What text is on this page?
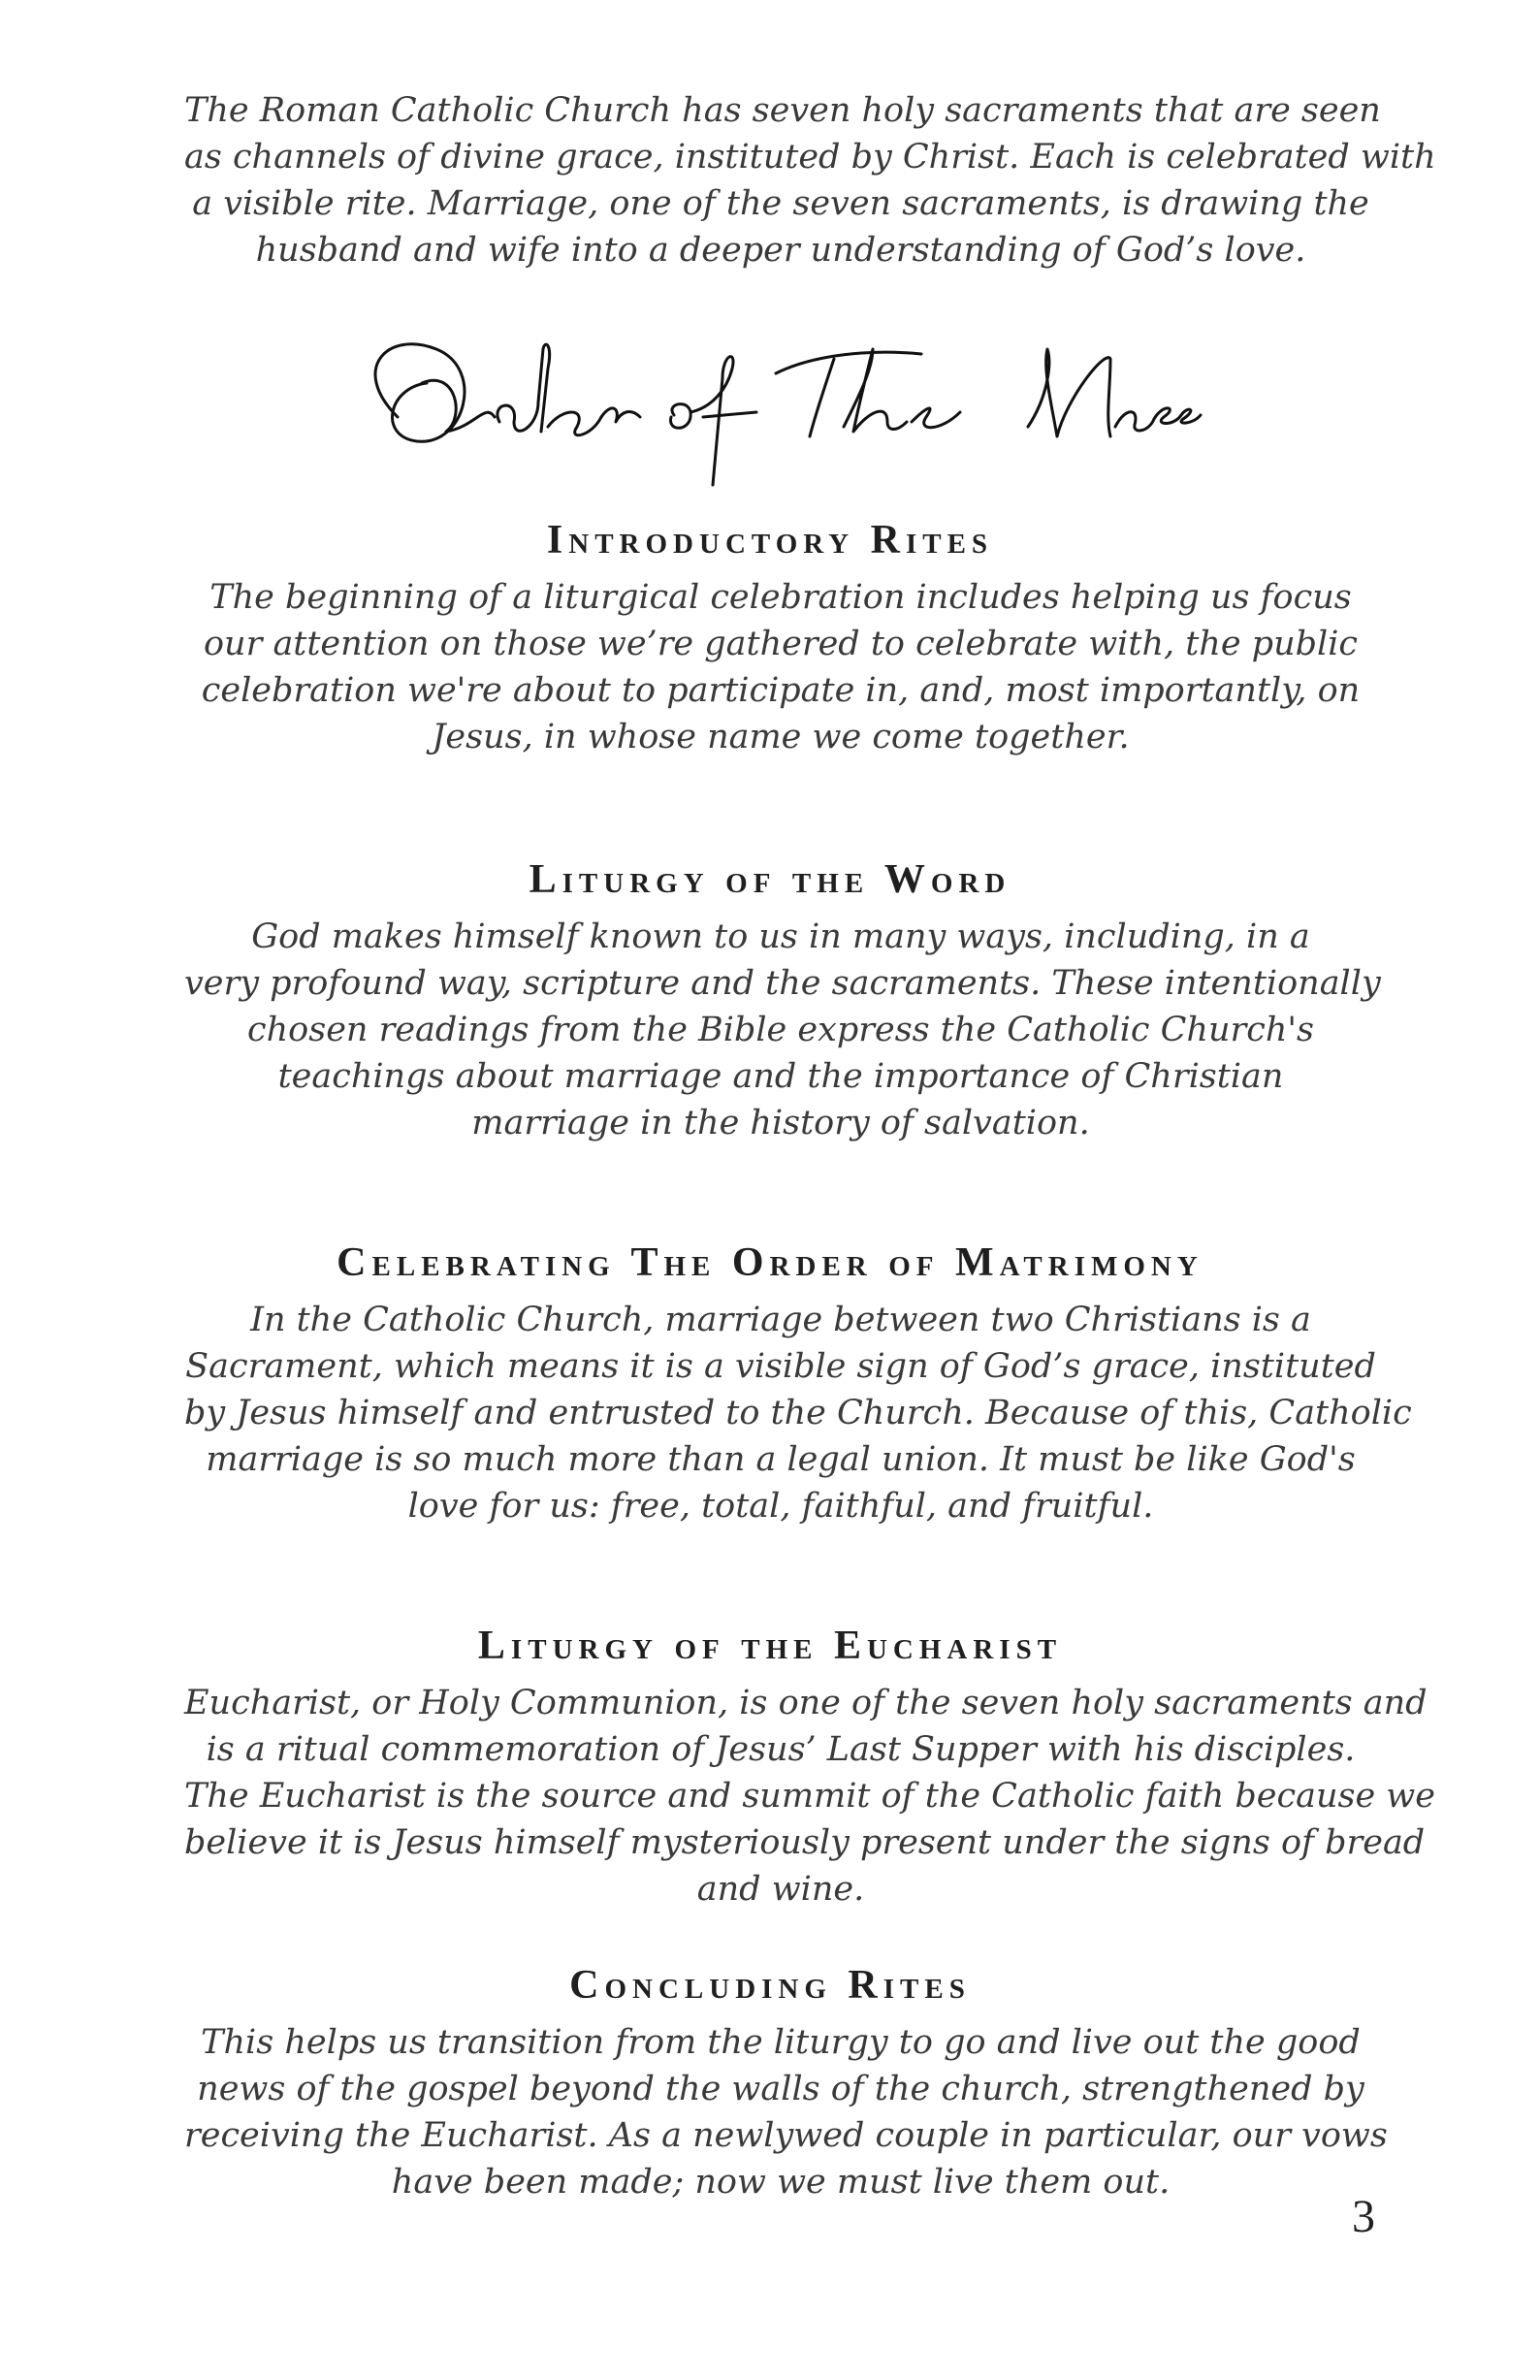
The Roman Catholic Church has seven holy sacraments that are seen
as channels of divine grace, instituted by Christ. Each is celebrated with
a visible rite. Marriage, one of the seven sacraments, is drawing the
husband and wife into a deeper understanding of God’s love.

Introductory Rites

The beginning of a liturgical celebration includes helping us focus
our attention on those we’re gathered to celebrate with, the public
celebration we're about to participate in, and, most importantly, on
Jesus, in whose name we come together.

Liturgy of the Word

God makes himself known to us in many ways, including, in a
very profound way, scripture and the sacraments. These intentionally
chosen readings from the Bible express the Catholic Church's
teachings about marriage and the importance of Christian
marriage in the history of salvation.

Celebrating The Order of Matrimony

In the Catholic Church, marriage between two Christians is a
Sacrament, which means it is a visible sign of God’s grace, instituted
by Jesus himself and entrusted to the Church. Because of this, Catholic
marriage is so much more than a legal union. It must be like God's
love for us: free, total, faithful, and fruitful.

Liturgy of the Eucharist

Eucharist, or Holy Communion, is one of the seven holy sacraments and
is a ritual commemoration of Jesus’ Last Supper with his disciples.
The Eucharist is the source and summit of the Catholic faith because we
believe it is Jesus himself mysteriously present under the signs of bread
and wine.

Concluding Rites

This helps us transition from the liturgy to go and live out the good
news of the gospel beyond the walls of the church, strengthened by
receiving the Eucharist. As a newlywed couple in particular, our vows
have been made; now we must live them out.

3
